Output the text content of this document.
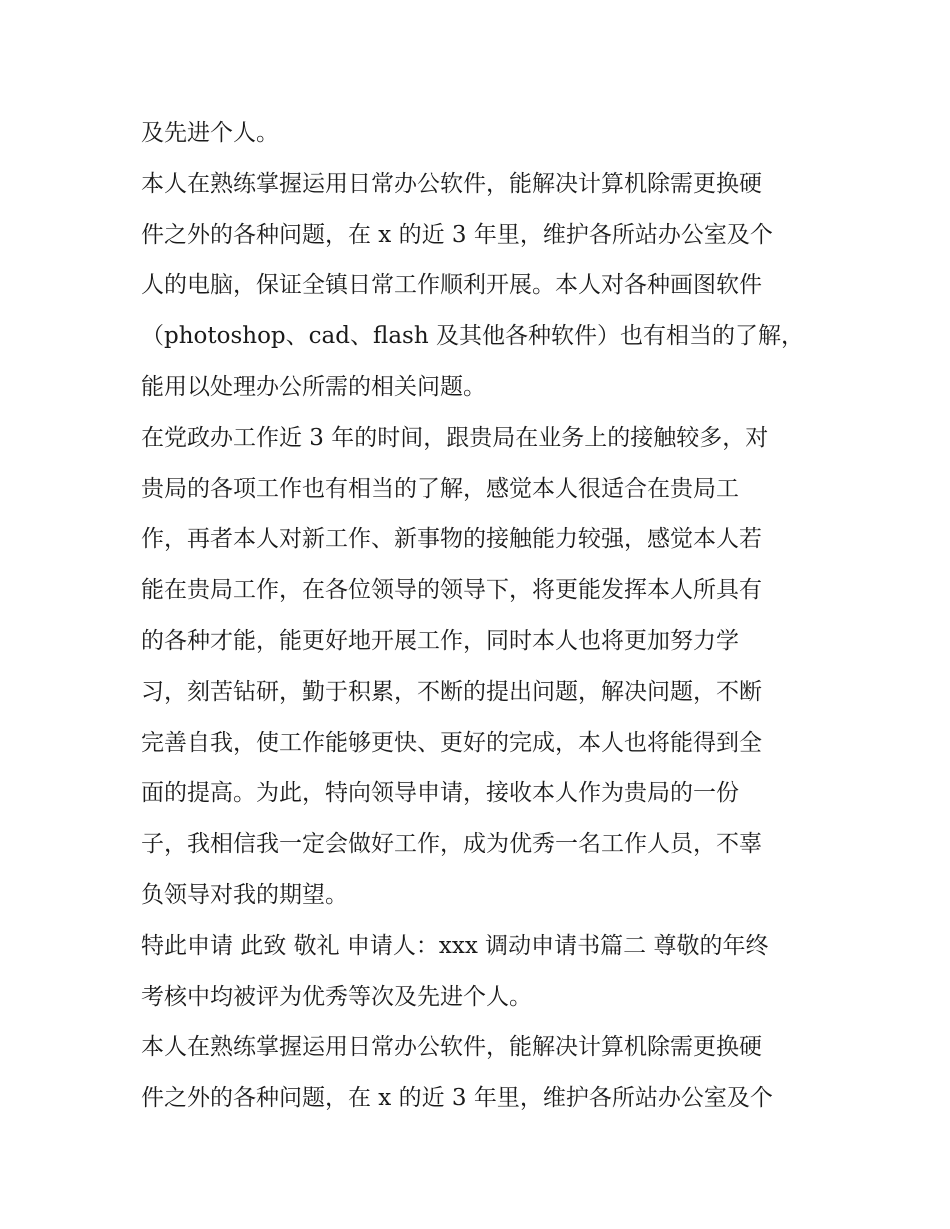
及先进个人。
本人在熟练掌握运用日常办公软件，能解决计算机除需更换硬
件之外的各种问题，在 x 的近 3 年里，维护各所站办公室及个
人的电脑，保证全镇日常工作顺利开展。本人对各种画图软件
（photoshop、cad、flash 及其他各种软件）也有相当的了解，
能用以处理办公所需的相关问题。
在党政办工作近 3 年的时间，跟贵局在业务上的接触较多，对
贵局的各项工作也有相当的了解，感觉本人很适合在贵局工
作，再者本人对新工作、新事物的接触能力较强，感觉本人若
能在贵局工作，在各位领导的领导下，将更能发挥本人所具有
的各种才能，能更好地开展工作，同时本人也将更加努力学
习，刻苦钻研，勤于积累，不断的提出问题，解决问题，不断
完善自我，使工作能够更快、更好的完成，本人也将能得到全
面的提高。为此，特向领导申请，接收本人作为贵局的一份
子，我相信我一定会做好工作，成为优秀一名工作人员，不辜
负领导对我的期望。
特此申请 此致 敬礼 申请人：xxx 调动申请书篇二 尊敬的年终
考核中均被评为优秀等次及先进个人。
本人在熟练掌握运用日常办公软件，能解决计算机除需更换硬
件之外的各种问题，在 x 的近 3 年里，维护各所站办公室及个
